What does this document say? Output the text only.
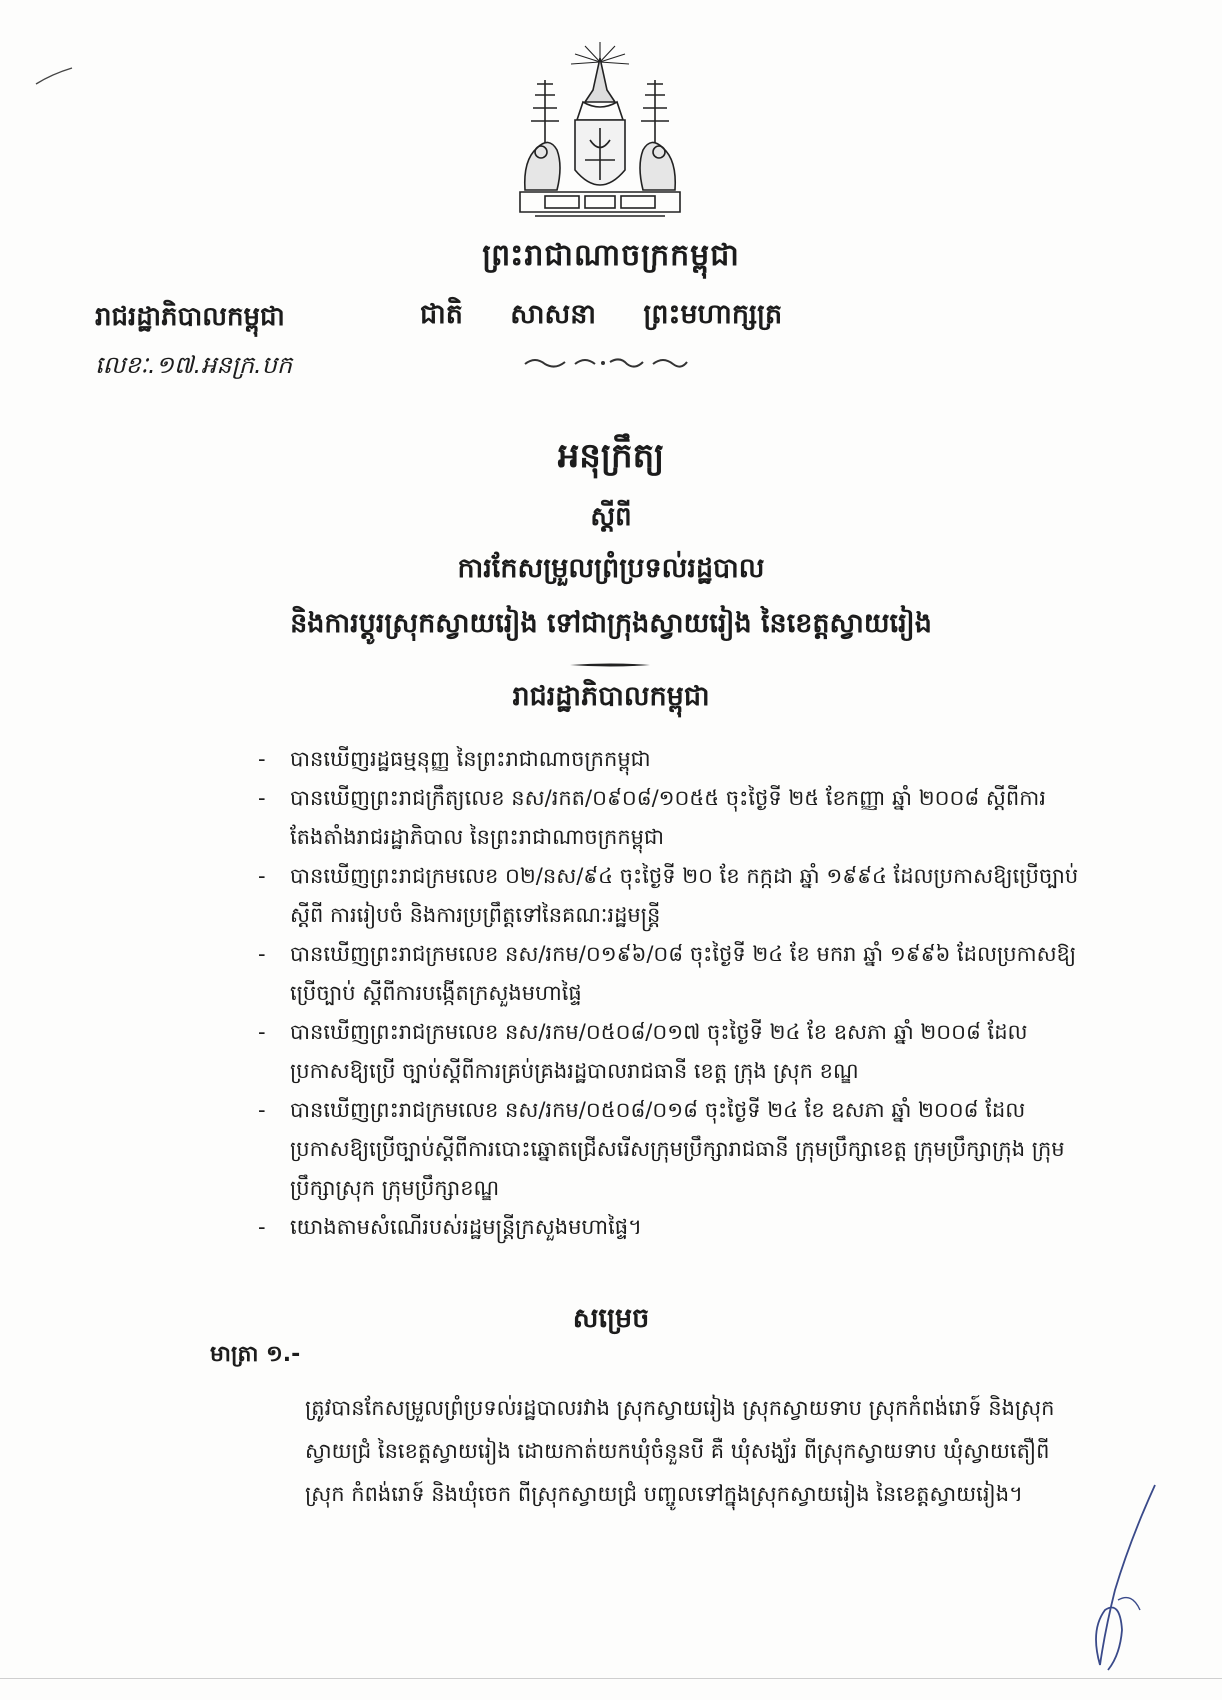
ព្រះរាជាណាចក្រកម្ពុជា
រាជរដ្ឋាភិបាលកម្ពុជា	ជាតិ សាសនា ព្រះមហាក្សត្រ
លេខៈ.១៧.អនក្រ.បក
អនុក្រឹត្យ
ស្តីពី
ការកែសម្រួលព្រំប្រទល់រដ្ឋបាល
និងការប្តូរស្រុកស្វាយរៀង ទៅជាក្រុងស្វាយរៀង នៃខេត្តស្វាយរៀង
រាជរដ្ឋាភិបាលកម្ពុជា
- បានឃើញរដ្ឋធម្មនុញ្ញ នៃព្រះរាជាណាចក្រកម្ពុជា
- បានឃើញព្រះរាជក្រឹត្យលេខ នស/រកត/០៩០៨/១០៥៥ ចុះថ្ងៃទី ២៥ ខែកញ្ញា ឆ្នាំ ២០០៨ ស្តីពីការតែងតាំងរាជរដ្ឋាភិបាល នៃព្រះរាជាណាចក្រកម្ពុជា
- បានឃើញព្រះរាជក្រមលេខ ០២/នស/៩៤ ចុះថ្ងៃទី ២០ ខែ កក្កដា ឆ្នាំ ១៩៩៤ ដែលប្រកាសឱ្យប្រើច្បាប់ស្តីពី ការរៀបចំ និងការប្រព្រឹត្តទៅនៃគណៈរដ្ឋមន្ត្រី
- បានឃើញព្រះរាជក្រមលេខ នស/រកម/០១៩៦/០៨ ចុះថ្ងៃទី ២៤ ខែ មករា ឆ្នាំ ១៩៩៦ ដែលប្រកាសឱ្យប្រើច្បាប់ ស្តីពីការបង្កើតក្រសួងមហាផ្ទៃ
- បានឃើញព្រះរាជក្រមលេខ នស/រកម/០៥០៨/០១៧ ចុះថ្ងៃទី ២៤ ខែ ឧសភា ឆ្នាំ ២០០៨ ដែលប្រកាសឱ្យប្រើ ច្បាប់ស្តីពីការគ្រប់គ្រងរដ្ឋបាលរាជធានី ខេត្ត ក្រុង ស្រុក ខណ្ឌ
- បានឃើញព្រះរាជក្រមលេខ នស/រកម/០៥០៨/០១៨ ចុះថ្ងៃទី ២៤ ខែ ឧសភា ឆ្នាំ ២០០៨ ដែលប្រកាសឱ្យប្រើច្បាប់ស្តីពីការបោះឆ្នោតជ្រើសរើសក្រុមប្រឹក្សារាជធានី ក្រុមប្រឹក្សាខេត្ត ក្រុមប្រឹក្សាក្រុង ក្រុមប្រឹក្សាស្រុក ក្រុមប្រឹក្សាខណ្ឌ
- យោងតាមសំណើរបស់រដ្ឋមន្ត្រីក្រសួងមហាផ្ទៃ។
សម្រេច
មាត្រា ១.-
ត្រូវបានកែសម្រួលព្រំប្រទល់រដ្ឋបាលរវាង ស្រុកស្វាយរៀង ស្រុកស្វាយទាប ស្រុកកំពង់រោទ៍ និងស្រុកស្វាយជ្រំ នៃខេត្តស្វាយរៀង ដោយកាត់យកឃុំចំនួនបី គឺ ឃុំសង្ឃ័រ ពីស្រុកស្វាយទាប ឃុំស្វាយតឿពីស្រុក កំពង់រោទ៍ និងឃុំចេក ពីស្រុកស្វាយជ្រំ បញ្ចូលទៅក្នុងស្រុកស្វាយរៀង នៃខេត្តស្វាយរៀង។
